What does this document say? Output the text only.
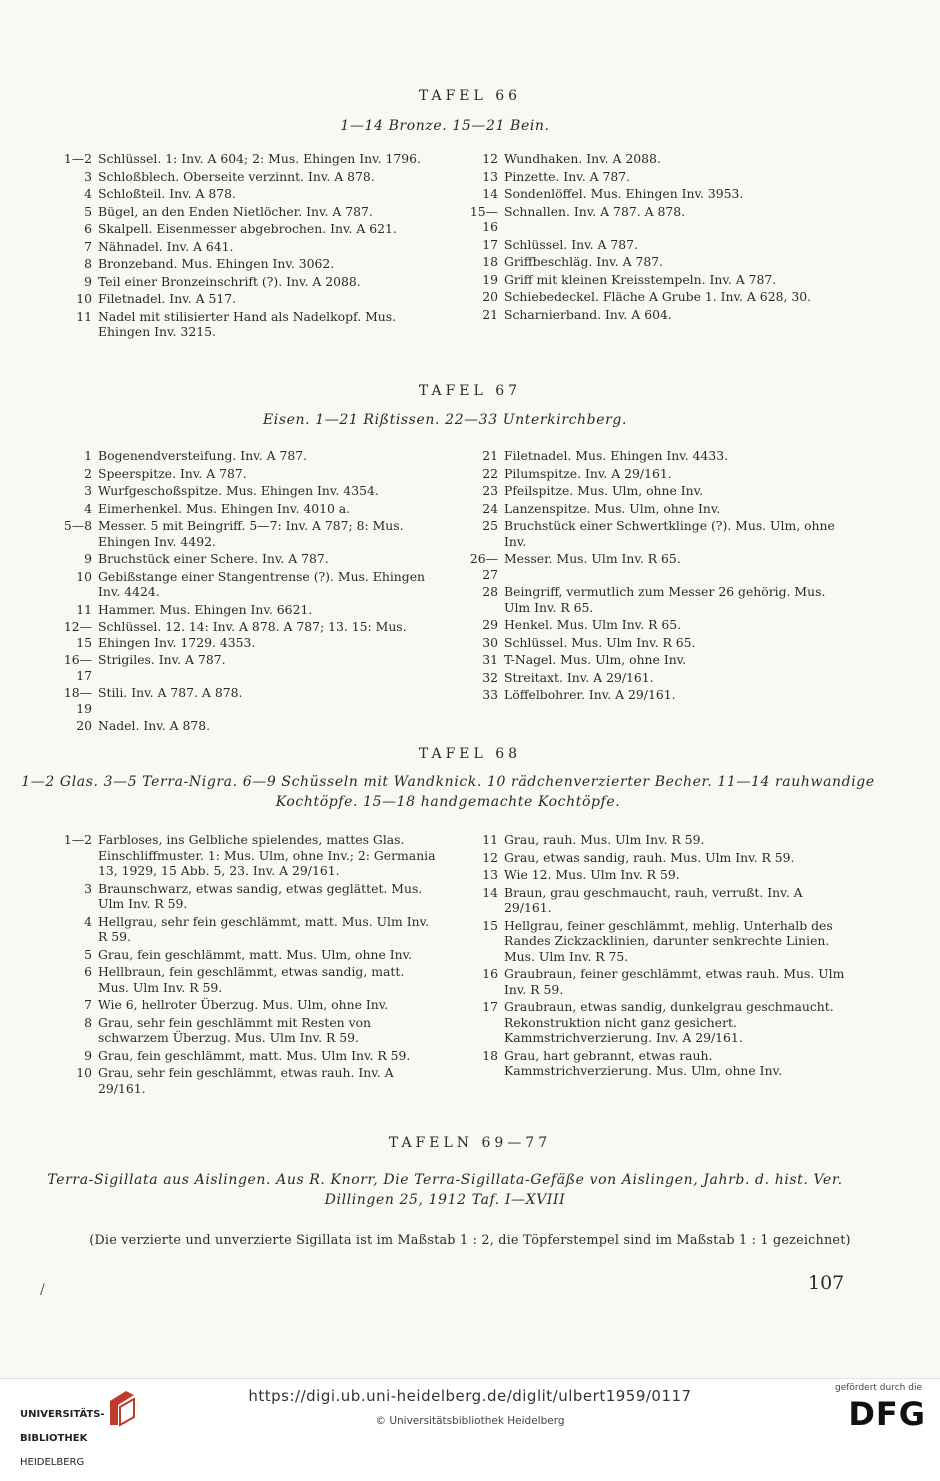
TAFEL 66
1—14 Bronze. 15—21 Bein.
1—2 Schlüssel. 1: Inv. A 604; 2: Mus. Ehingen Inv. 1796.
3 Schloßblech. Oberseite verzinnt. Inv. A 878.
4 Schloßteil. Inv. A 878.
5 Bügel, an den Enden Nietlöcher. Inv. A 787.
6 Skalpell. Eisenmesser abgebrochen. Inv. A 621.
7 Nähnadel. Inv. A 641.
8 Bronzeband. Mus. Ehingen Inv. 3062.
9 Teil einer Bronzeinschrift (?). Inv. A 2088.
10 Filetnadel. Inv. A 517.
11 Nadel mit stilisierter Hand als Nadelkopf. Mus. Ehingen Inv. 3215.
12 Wundhaken. Inv. A 2088.
13 Pinzette. Inv. A 787.
14 Sondenlöffel. Mus. Ehingen Inv. 3953.
15—16
Schnallen. Inv. A 787. A 878.
17 Schlüssel. Inv. A 787.
18 Griffbeschläg. Inv. A 787.
19 Griff mit kleinen Kreisstempeln. Inv. A 787.
20 Schiebedeckel. Fläche A Grube 1. Inv. A 628, 30.
21 Scharnierband. Inv. A 604.
TAFEL 67
Eisen. 1—21 Rißtissen. 22—33 Unterkirchberg.
1 Bogenendversteifung. Inv. A 787.
2 Speerspitze. Inv. A 787.
3 Wurfgeschoßspitze. Mus. Ehingen Inv. 4354.
4 Eimerhenkel. Mus. Ehingen Inv. 4010 a.
5—8 Messer. 5 mit Beingriff. 5—7: Inv. A 787; 8: Mus. Ehingen Inv. 4492.
9 Bruchstück einer Schere. Inv. A 787.
10 Gebißstange einer Stangentrense (?). Mus. Ehingen Inv. 4424.
11 Hammer. Mus. Ehingen Inv. 6621.
12—15
Schlüssel. 12. 14: Inv. A 878. A 787; 13. 15: Mus. Ehingen Inv. 1729. 4353.
16—17
Strigiles. Inv. A 787.
18—19
Stili. Inv. A 787. A 878.
20 Nadel. Inv. A 878.
21 Filetnadel. Mus. Ehingen Inv. 4433.
22 Pilumspitze. Inv. A 29/161.
23 Pfeilspitze. Mus. Ulm, ohne Inv.
24 Lanzenspitze. Mus. Ulm, ohne Inv.
25 Bruchstück einer Schwertklinge (?). Mus. Ulm, ohne Inv.
26—27
Messer. Mus. Ulm Inv. R 65.
28 Beingriff, vermutlich zum Messer 26 gehörig. Mus. Ulm Inv. R 65.
29 Henkel. Mus. Ulm Inv. R 65.
30 Schlüssel. Mus. Ulm Inv. R 65.
31 T-Nagel. Mus. Ulm, ohne Inv.
32 Streitaxt. Inv. A 29/161.
33 Löffelbohrer. Inv. A 29/161.
TAFEL 68
1—2 Glas. 3—5 Terra-Nigra. 6—9 Schüsseln mit Wandknick. 10 rädchenverzierter Becher. 11—14 rauhwandige Kochtöpfe. 15—18 handgemachte Kochtöpfe.
1—2 Farbloses, ins Gelbliche spielendes, mattes Glas. Einschliffmuster. 1: Mus. Ulm, ohne Inv.; 2: Germania 13, 1929, 15 Abb. 5, 23. Inv. A 29/161.
3 Braunschwarz, etwas sandig, etwas geglättet. Mus. Ulm Inv. R 59.
4 Hellgrau, sehr fein geschlämmt, matt. Mus. Ulm Inv. R 59.
5 Grau, fein geschlämmt, matt. Mus. Ulm, ohne Inv.
6 Hellbraun, fein geschlämmt, etwas sandig, matt. Mus. Ulm Inv. R 59.
7 Wie 6, hellroter Überzug. Mus. Ulm, ohne Inv.
8 Grau, sehr fein geschlämmt mit Resten von schwarzem Überzug. Mus. Ulm Inv. R 59.
9 Grau, fein geschlämmt, matt. Mus. Ulm Inv. R 59.
10 Grau, sehr fein geschlämmt, etwas rauh. Inv. A 29/161.
11 Grau, rauh. Mus. Ulm Inv. R 59.
12 Grau, etwas sandig, rauh. Mus. Ulm Inv. R 59.
13 Wie 12. Mus. Ulm Inv. R 59.
14 Braun, grau geschmaucht, rauh, verrußt. Inv. A 29/161.
15 Hellgrau, feiner geschlämmt, mehlig. Unterhalb des Randes Zickzacklinien, darunter senkrechte Linien. Mus. Ulm Inv. R 75.
16 Graubraun, feiner geschlämmt, etwas rauh. Mus. Ulm Inv. R 59.
17 Graubraun, etwas sandig, dunkelgrau geschmaucht. Rekonstruktion nicht ganz gesichert. Kammstrichverzierung. Inv. A 29/161.
18 Grau, hart gebrannt, etwas rauh. Kammstrichverzierung. Mus. Ulm, ohne Inv.
TAFELN 69—77
Terra-Sigillata aus Aislingen. Aus R. Knorr, Die Terra-Sigillata-Gefäße von Aislingen, Jahrb. d. hist. Ver. Dillingen 25, 1912 Taf. I—XVIII
(Die verzierte und unverzierte Sigillata ist im Maßstab 1 : 2, die Töpferstempel sind im Maßstab 1 : 1 gezeichnet)
/	107

UNIVERSITÄTS-

BIBLIOTHEK

HEIDELBERG

https://digi.ub.uni-heidelberg.de/diglit/ulbert1959/0117
© Universitätsbibliothek Heidelberg
gefördert durch die
DFG
